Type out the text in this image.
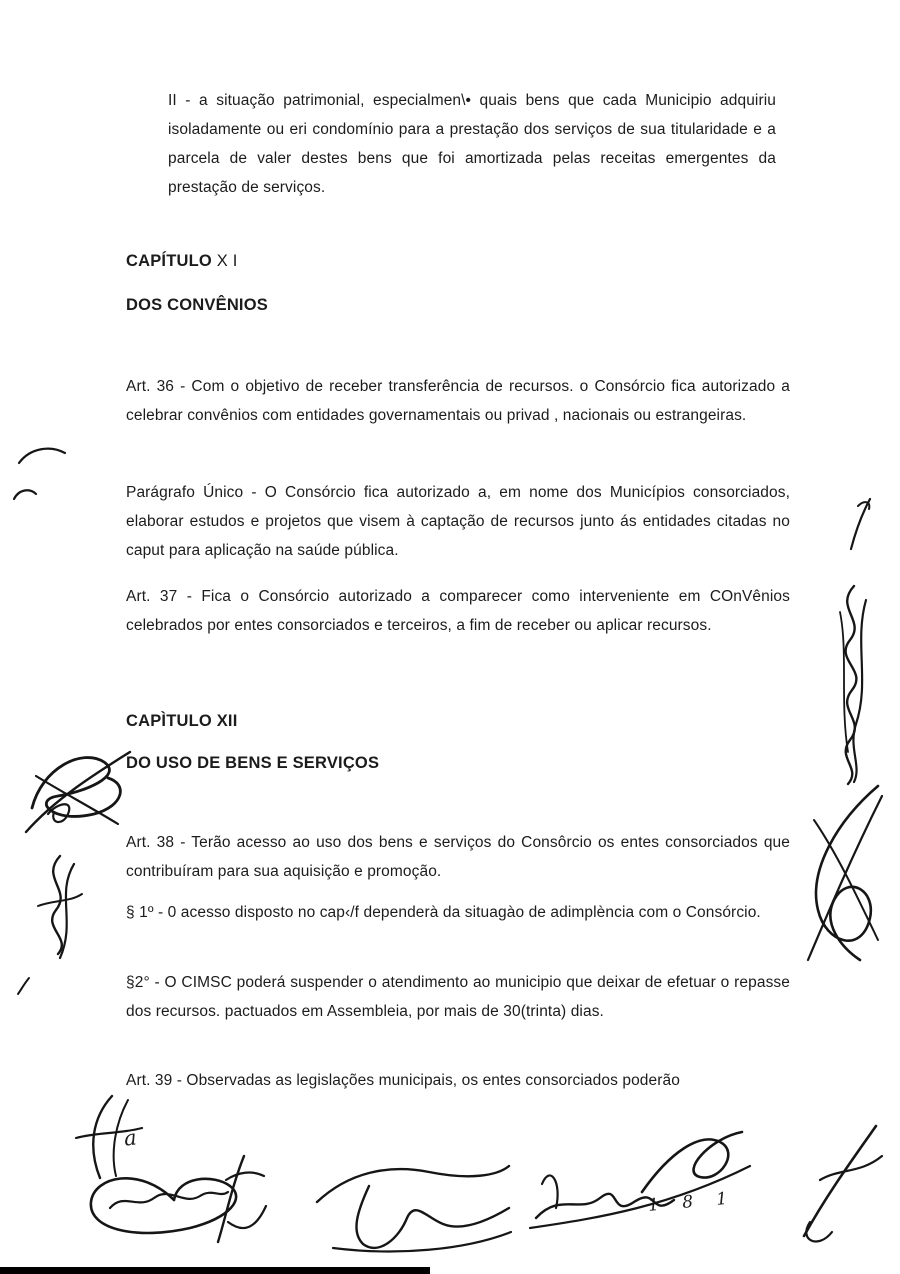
II - a situação patrimonial, especialmen\• quais bens que cada Municipio adquiriu isoladamente ou eri condomínio para a prestação dos serviços de sua titularidade e a parcela de valer destes bens que foi amortizada pelas receitas emergentes da prestação de serviços.

CAPÍTULO X I
DOS CONVÊNIOS

Art. 36 - Com o objetivo de receber transferência de recursos. o Consórcio fica autorizado a celebrar convênios com entidades governamentais ou privad , nacionais ou estrangeiras.

Parágrafo Único - O Consórcio fica autorizado a, em nome dos Municípios consorciados, elaborar estudos e projetos que visem à captação de recursos junto ás entidades citadas no caput para aplicação na saúde pública.

Art. 37 - Fica o Consórcio autorizado a comparecer como interveniente em COnVênios celebrados por entes consorciados e terceiros, a fim de receber ou aplicar recursos.

CAPÌTULO XII
DO USO DE BENS E SERVIÇOS

Art. 38 - Terão acesso ao uso dos bens e serviços do Consôrcio os entes consorciados que contribuíram para sua aquisição e promoção.

§ 1º - 0 acesso disposto no cap‹/f dependerà da situagào de adimplència com o Consórcio.

§2° - O CIMSC poderá suspender o atendimento ao municipio que deixar de efetuar o repasse dos recursos. pactuados em Assembleia, por mais de 30(trinta) dias.

Art. 39 - Observadas as legislações municipais, os entes consorciados poderão

a
1 8 1
